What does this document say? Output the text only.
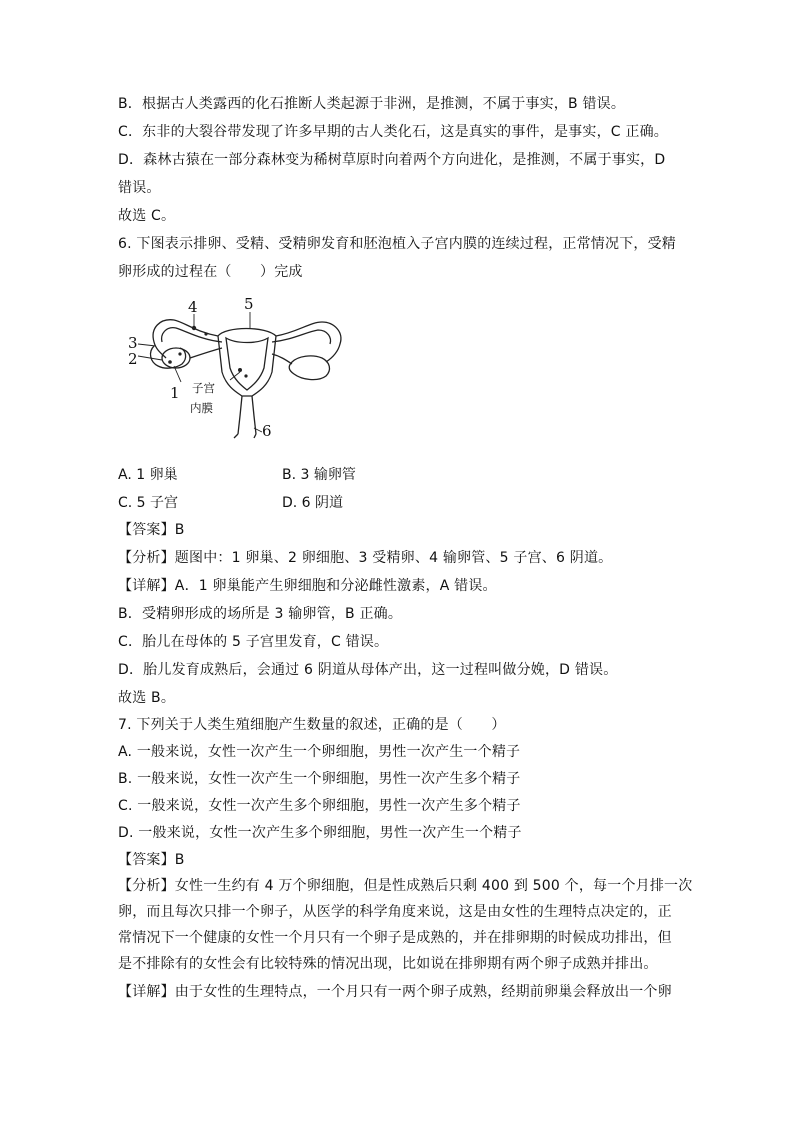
B．根据古人类露西的化石推断人类起源于非洲，是推测，不属于事实，B 错误。
C．东非的大裂谷带发现了许多早期的古人类化石，这是真实的事件，是事实，C 正确。
D．森林古猿在一部分森林变为稀树草原时向着两个方向进化，是推测，不属于事实，D
错误。
故选 C。
6. 下图表示排卵、受精、受精卵发育和胚泡植入子宫内膜的连续过程，正常情况下，受精
卵形成的过程在（　　）完成
5
4
3
2
1
6
子宫
内膜
A. 1 卵巢	B. 3 输卵管
C. 5 子宫	D. 6 阴道
【答案】B
【分析】题图中：1 卵巢、2 卵细胞、3 受精卵、4 输卵管、5 子宫、6 阴道。
【详解】A．1 卵巢能产生卵细胞和分泌雌性激素，A 错误。
B．受精卵形成的场所是 3 输卵管，B 正确。
C．胎儿在母体的 5 子宫里发育，C 错误。
D．胎儿发育成熟后，会通过 6 阴道从母体产出，这一过程叫做分娩，D 错误。
故选 B。
7. 下列关于人类生殖细胞产生数量的叙述，正确的是（　　）
A. 一般来说，女性一次产生一个卵细胞，男性一次产生一个精子
B. 一般来说，女性一次产生一个卵细胞，男性一次产生多个精子
C. 一般来说，女性一次产生多个卵细胞，男性一次产生多个精子
D. 一般来说，女性一次产生多个卵细胞，男性一次产生一个精子
【答案】B
【分析】女性一生约有 4 万个卵细胞，但是性成熟后只剩 400 到 500 个，每一个月排一次
卵，而且每次只排一个卵子，从医学的科学角度来说，这是由女性的生理特点决定的，正
常情况下一个健康的女性一个月只有一个卵子是成熟的，并在排卵期的时候成功排出，但
是不排除有的女性会有比较特殊的情况出现，比如说在排卵期有两个卵子成熟并排出。
【详解】由于女性的生理特点，一个月只有一两个卵子成熟，经期前卵巢会释放出一个卵
